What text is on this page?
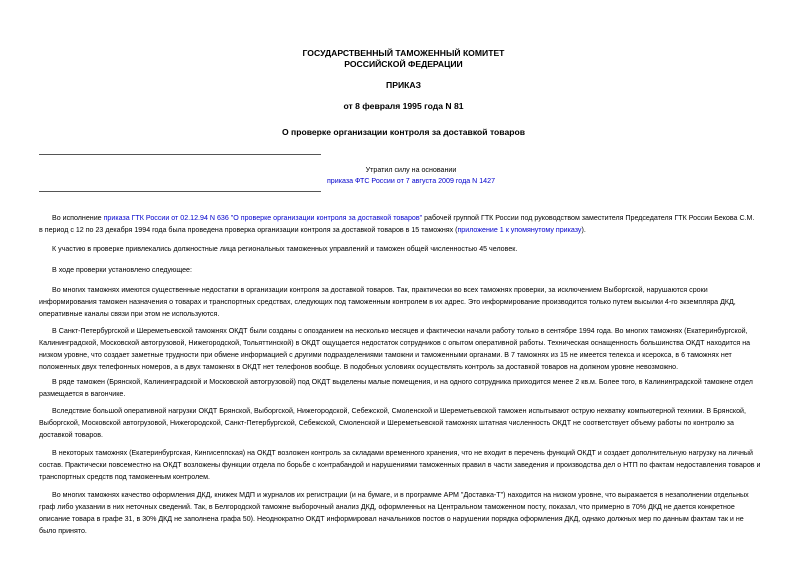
ГОСУДАРСТВЕННЫЙ ТАМОЖЕННЫЙ КОМИТЕТ
РОССИЙСКОЙ ФЕДЕРАЦИИ
ПРИКАЗ
от 8 февраля 1995 года N 81
О проверке организации контроля за доставкой товаров
Утратил силу на основании
приказа ФТС России от 7 августа 2009 года N 1427
Во исполнение приказа ГТК России от 02.12.94 N 636 "О проверке организации контроля за доставкой товаров" рабочей группой ГТК России под руководством заместителя Председателя ГТК России Бекова С.М.
в период с 12 по 23 декабря 1994 года была проведена проверка организации контроля за доставкой товаров в 15 таможнях (приложение 1 к упомянутому приказу).
К участию в проверке привлекались должностные лица региональных таможенных управлений и таможен общей численностью 45 человек.
В ходе проверки установлено следующее:
Во многих таможнях имеются существенные недостатки в организации контроля за доставкой товаров. Так, практически во всех таможнях проверки, за исключением Выборгской, нарушаются сроки
информирования таможен назначения о товарах и транспортных средствах, следующих под таможенным контролем в их адрес. Это информирование производится только путем высылки 4-го экземпляра ДКД,
оперативные каналы связи при этом не используются.
В Санкт-Петербургской и Шереметьевской таможнях ОКДТ были созданы с опозданием на несколько месяцев и фактически начали работу только в сентябре 1994 года. Во многих таможнях (Екатеринбургской,
Калининградской, Московской автогрузовой, Нижегородской, Тольяттинской) в ОКДТ ощущается недостаток сотрудников с опытом оперативной работы. Техническая оснащенность большинства ОКДТ находится на
низком уровне, что создает заметные трудности при обмене информацией с другими подразделениями таможни и таможенными органами. В 7 таможнях из 15 не имеется телекса и ксерокса, в 6 таможнях нет
положенных двух телефонных номеров, а в двух таможнях в ОКДТ нет телефонов вообще. В подобных условиях осуществлять контроль за доставкой товаров на должном уровне невозможно.
В ряде таможен (Брянской, Калининградской и Московской автогрузовой) под ОКДТ выделены малые помещения, и на одного сотрудника приходится менее 2 кв.м. Более того, в Калининградской таможне отдел
размещается в вагончике.
Вследствие большой оперативной нагрузки ОКДТ Брянской, Выборгской, Нижегородской, Себежской, Смоленской и Шереметьевской таможен испытывают острую нехватку компьютерной техники. В Брянской,
Выборгской, Московской автогрузовой, Нижегородской, Санкт-Петербургской, Себежской, Смоленской и Шереметьевской таможнях штатная численность ОКДТ не соответствует объему работы по контролю за
доставкой товаров.
В некоторых таможнях (Екатеринбургская, Кингисеппская) на ОКДТ возложен контроль за складами временного хранения, что не входит в перечень функций ОКДТ и создает дополнительную нагрузку на личный
состав. Практически повсеместно на ОКДТ возложены функции отдела по борьбе с контрабандой и нарушениями таможенных правил в части заведения и производства дел о НТП по фактам недоставления товаров и
транспортных средств под таможенным контролем.
Во многих таможнях качество оформления ДКД, книжек МДП и журналов их регистрации (и на бумаге, и в программе АРМ "Доставка-Т") находится на низком уровне, что выражается в незаполнении отдельных
граф либо указании в них неточных сведений. Так, в Белгородской таможне выборочный анализ ДКД, оформленных на Центральном таможенном посту, показал, что примерно в 70% ДКД не дается конкретное
описание товара в графе 31, в 30% ДКД не заполнена графа 50). Неоднократно ОКДТ информировал начальников постов о нарушении порядка оформления ДКД, однако должных мер по данным фактам так и не
было принято.
